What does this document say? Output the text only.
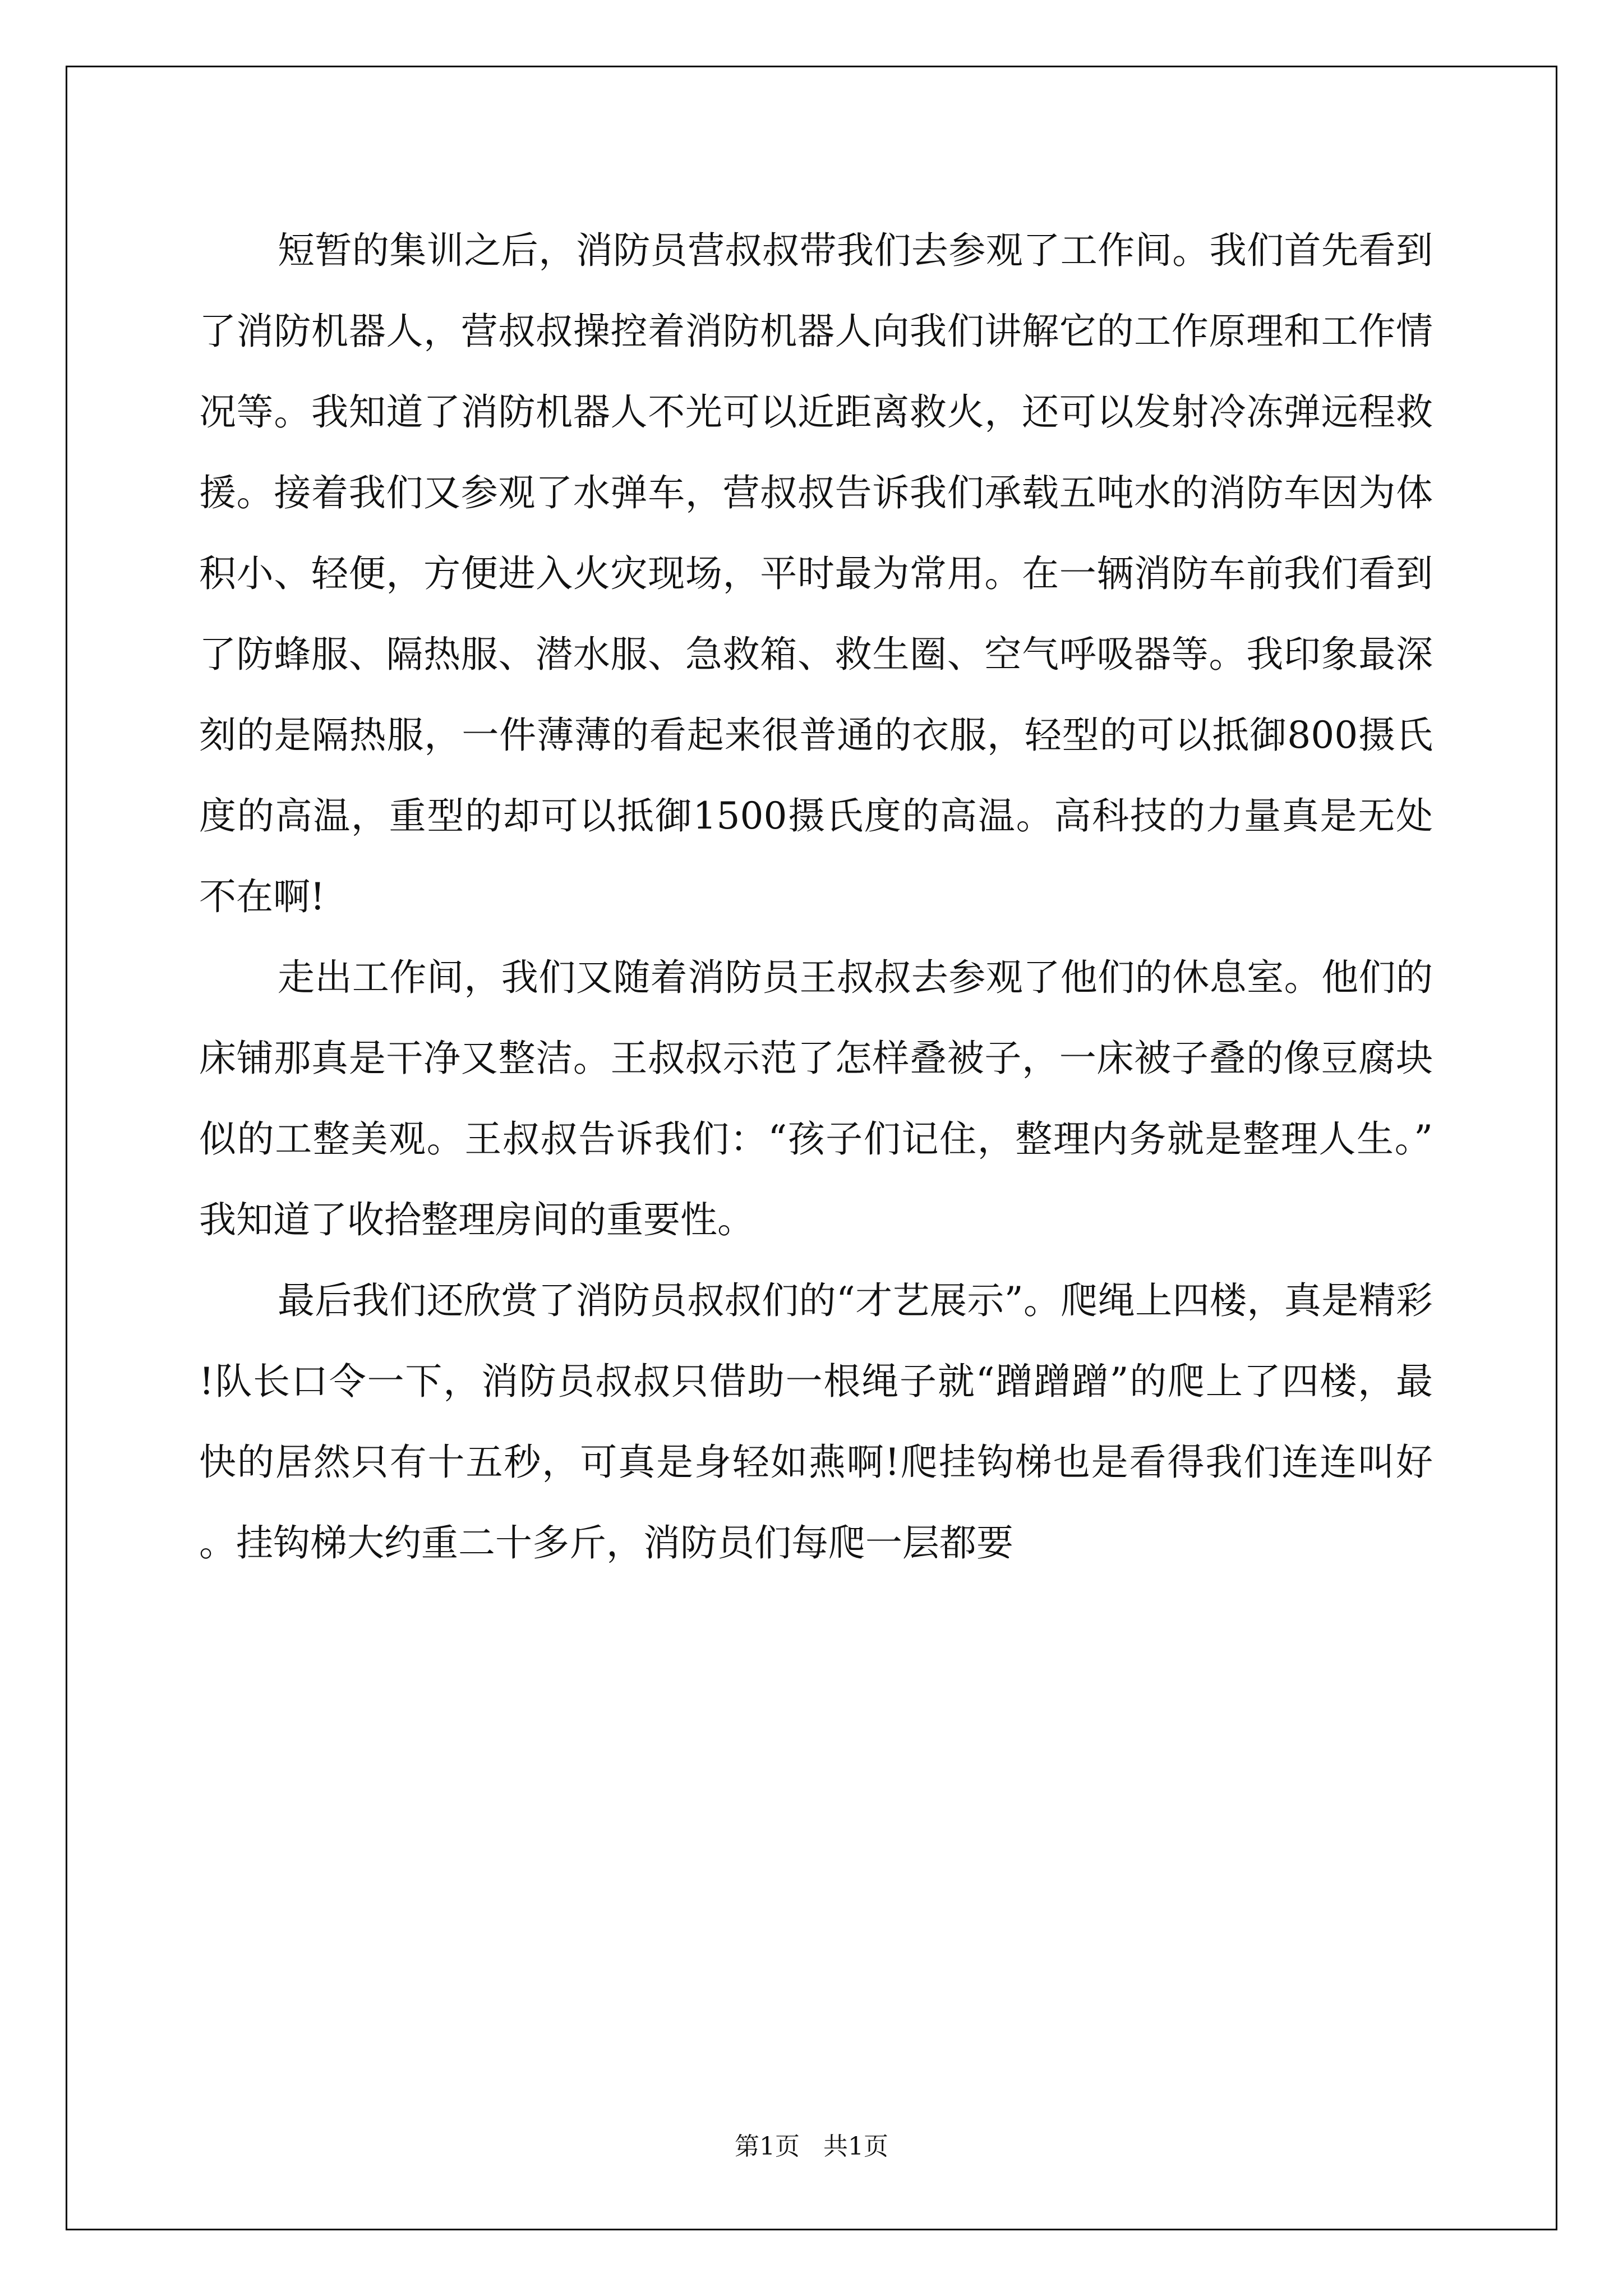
短暂的集训之后，消防员营叔叔带我们去参观了工作间。我们首先看到了消防机器人，营叔叔操控着消防机器人向我们讲解它的工作原理和工作情况等。我知道了消防机器人不光可以近距离救火，还可以发射冷冻弹远程救援。接着我们又参观了水弹车，营叔叔告诉我们承载五吨水的消防车因为体积小、轻便，方便进入火灾现场，平时最为常用。在一辆消防车前我们看到了防蜂服、隔热服、潜水服、急救箱、救生圈、空气呼吸器等。我印象最深刻的是隔热服，一件薄薄的看起来很普通的衣服，轻型的可以抵御800摄氏度的高温，重型的却可以抵御1500摄氏度的高温。高科技的力量真是无处不在啊!

走出工作间，我们又随着消防员王叔叔去参观了他们的休息室。他们的床铺那真是干净又整洁。王叔叔示范了怎样叠被子，一床被子叠的像豆腐块似的工整美观。王叔叔告诉我们：“孩子们记住，整理内务就是整理人生。”我知道了收拾整理房间的重要性。

最后我们还欣赏了消防员叔叔们的“才艺展示”。爬绳上四楼，真是精彩!队长口令一下，消防员叔叔只借助一根绳子就“蹭蹭蹭”的爬上了四楼，最快的居然只有十五秒，可真是身轻如燕啊!爬挂钩梯也是看得我们连连叫好。挂钩梯大约重二十多斤，消防员们每爬一层都要

第1页   共1页
